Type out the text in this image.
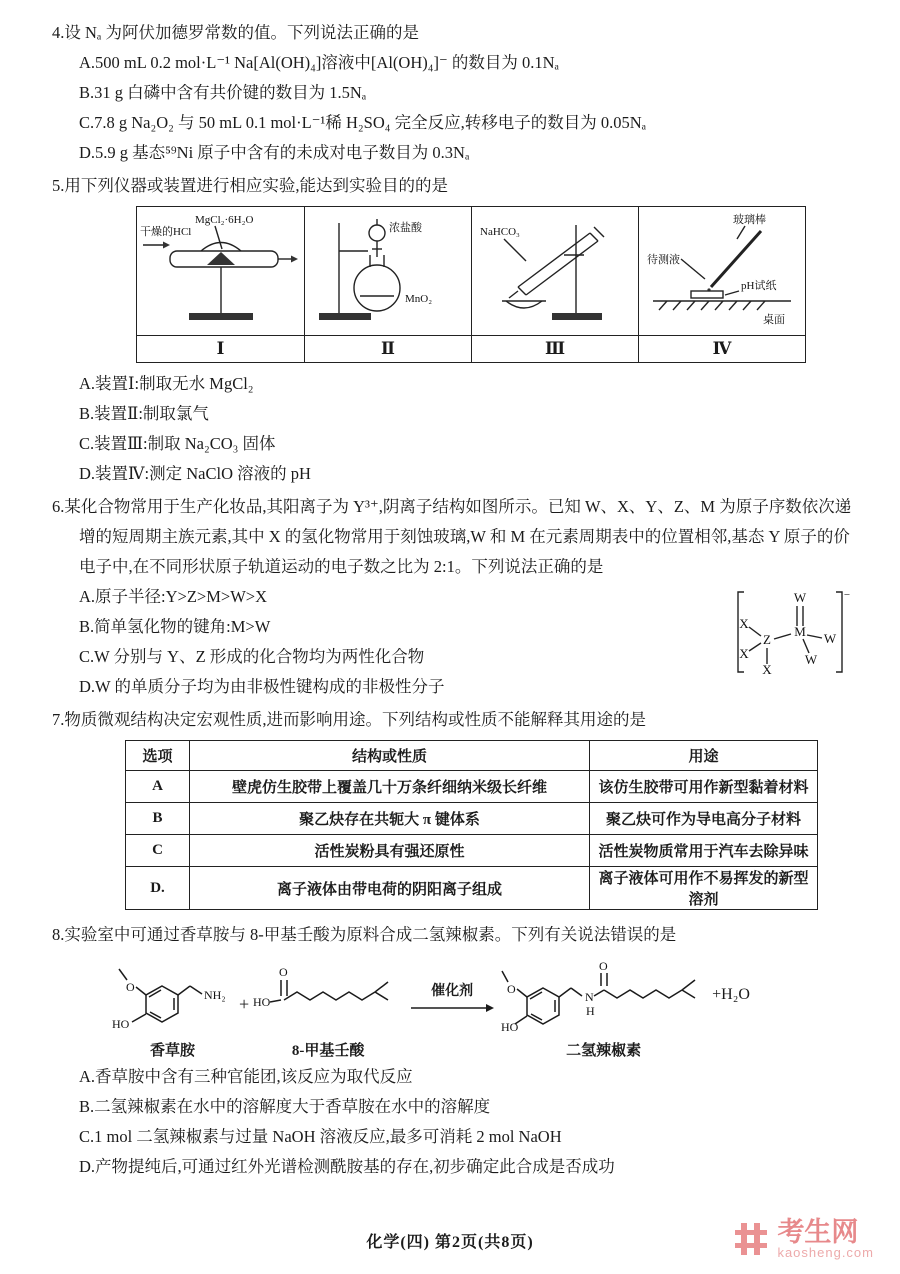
4.设 Nₐ 为阿伏加德罗常数的值。下列说法正确的是
A.500 mL 0.2 mol·L⁻¹ Na[Al(OH)₄]溶液中[Al(OH)₄]⁻ 的数目为 0.1Nₐ
B.31 g 白磷中含有共价键的数目为 1.5Nₐ
C.7.8 g Na₂O₂ 与 50 mL 0.1 mol·L⁻¹稀 H₂SO₄ 完全反应,转移电子的数目为 0.05Nₐ
D.5.9 g 基态⁵⁹Ni 原子中含有的未成对电子数目为 0.3Nₐ
5.用下列仪器或装置进行相应实验,能达到实验目的的是
干燥的HCl
MgCl₂·6H₂O
Ⅰ
浓盐酸
MnO₂
Ⅱ
NaHCO₃
Ⅲ
玻璃棒
待测液
pH试纸
桌面
Ⅳ
A.装置Ⅰ:制取无水 MgCl₂
B.装置Ⅱ:制取氯气
C.装置Ⅲ:制取 Na₂CO₃ 固体
D.装置Ⅳ:测定 NaClO 溶液的 pH
6.某化合物常用于生产化妆品,其阳离子为 Y³⁺,阴离子结构如图所示。已知 W、X、Y、Z、M 为原子序数依次递增的短周期主族元素,其中 X 的氢化物常用于刻蚀玻璃,W 和 M 在元素周期表中的位置相邻,基态 Y 原子的价电子中,在不同形状原子轨道运动的电子数之比为 2:1。下列说法正确的是
A.原子半径:Y>Z>M>W>X
B.简单氢化物的键角:M>W
C.W 分别与 Y、Z 形成的化合物均为两性化合物
D.W 的单质分子均为由非极性键构成的非极性分子
−
X
X
X
Z
M
W
W
W
7.物质微观结构决定宏观性质,进而影响用途。下列结构或性质不能解释其用途的是
选项	结构或性质	用途
A	壁虎仿生胶带上覆盖几十万条纤细纳米级长纤维	该仿生胶带可用作新型黏着材料
B	聚乙炔存在共轭大 π 键体系	聚乙炔可作为导电高分子材料
C	活性炭粉具有强还原性	活性炭物质常用于汽车去除异味
D.	离子液体由带电荷的阴阳离子组成	离子液体可用作不易挥发的新型溶剂
8.实验室中可通过香草胺与 8-甲基壬酸为原料合成二氢辣椒素。下列有关说法错误的是
O
HO
NH₂
香草胺
+
O
HO
8-甲基壬酸
催化剂	O
HO
N
H
O
二氢辣椒素
+H₂O
A.香草胺中含有三种官能团,该反应为取代反应
B.二氢辣椒素在水中的溶解度大于香草胺在水中的溶解度
C.1 mol 二氢辣椒素与过量 NaOH 溶液反应,最多可消耗 2 mol NaOH
D.产物提纯后,可通过红外光谱检测酰胺基的存在,初步确定此合成是否成功
化学(四) 第2页(共8页)	考生网
kaosheng.com
